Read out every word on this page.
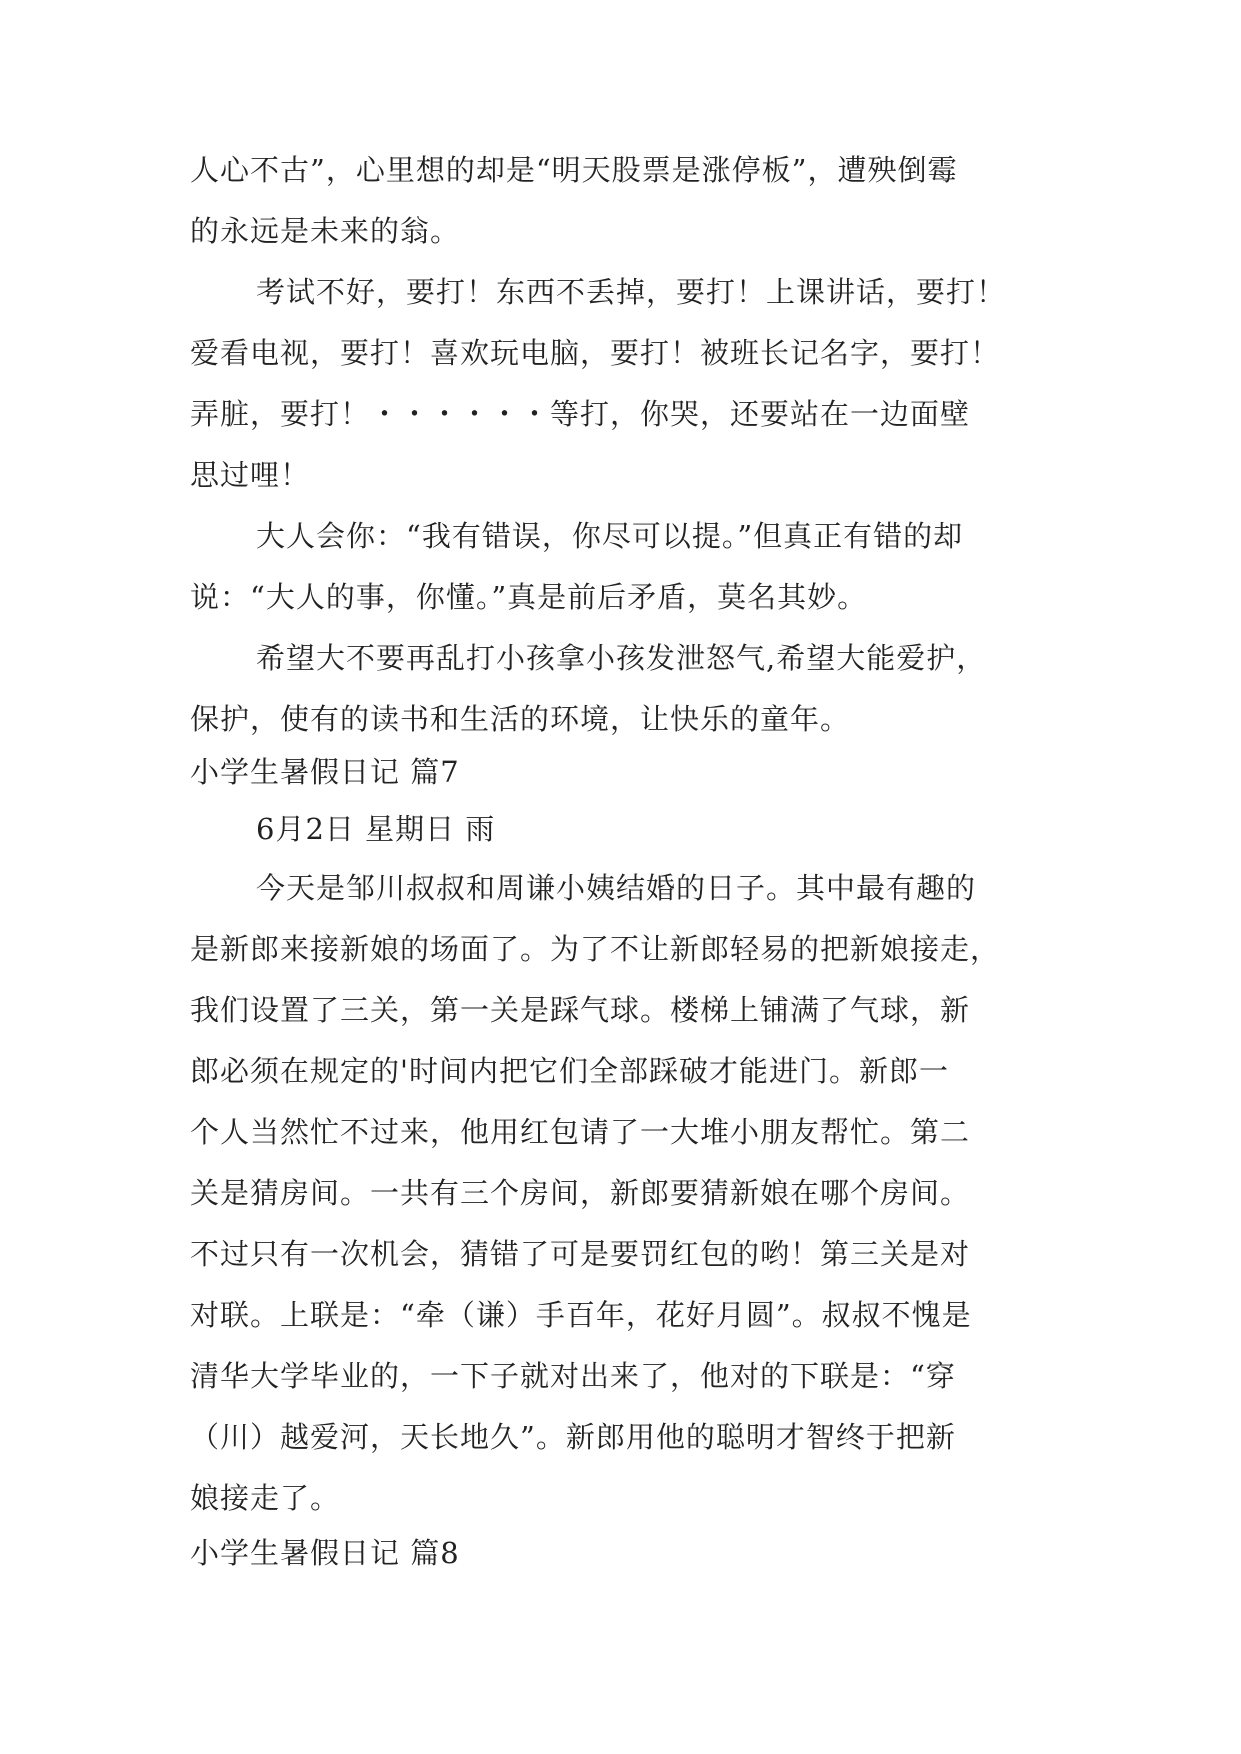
人心不古”，心里想的却是“明天股票是涨停板”，遭殃倒霉
的永远是未来的翁。
考试不好，要打！东西不丢掉，要打！上课讲话，要打！
爱看电视，要打！喜欢玩电脑，要打！被班长记名字，要打！
弄脏，要打！・・・・・・等打，你哭，还要站在一边面壁
思过哩！
大人会你：“我有错误，你尽可以提。”但真正有错的却
说：“大人的事，你懂。”真是前后矛盾，莫名其妙。
希望大不要再乱打小孩拿小孩发泄怒气,希望大能爱护，
保护，使有的读书和生活的环境，让快乐的童年。
小学生暑假日记 篇7
6月2日 星期日 雨
今天是邹川叔叔和周谦小姨结婚的日子。其中最有趣的
是新郎来接新娘的场面了。为了不让新郎轻易的把新娘接走，
我们设置了三关，第一关是踩气球。楼梯上铺满了气球，新
郎必须在规定的'时间内把它们全部踩破才能进门。新郎一
个人当然忙不过来，他用红包请了一大堆小朋友帮忙。第二
关是猜房间。一共有三个房间，新郎要猜新娘在哪个房间。
不过只有一次机会，猜错了可是要罚红包的哟！第三关是对
对联。上联是：“牵（谦）手百年，花好月圆”。叔叔不愧是
清华大学毕业的，一下子就对出来了，他对的下联是：“穿
（川）越爱河，天长地久”。新郎用他的聪明才智终于把新
娘接走了。
小学生暑假日记 篇8
